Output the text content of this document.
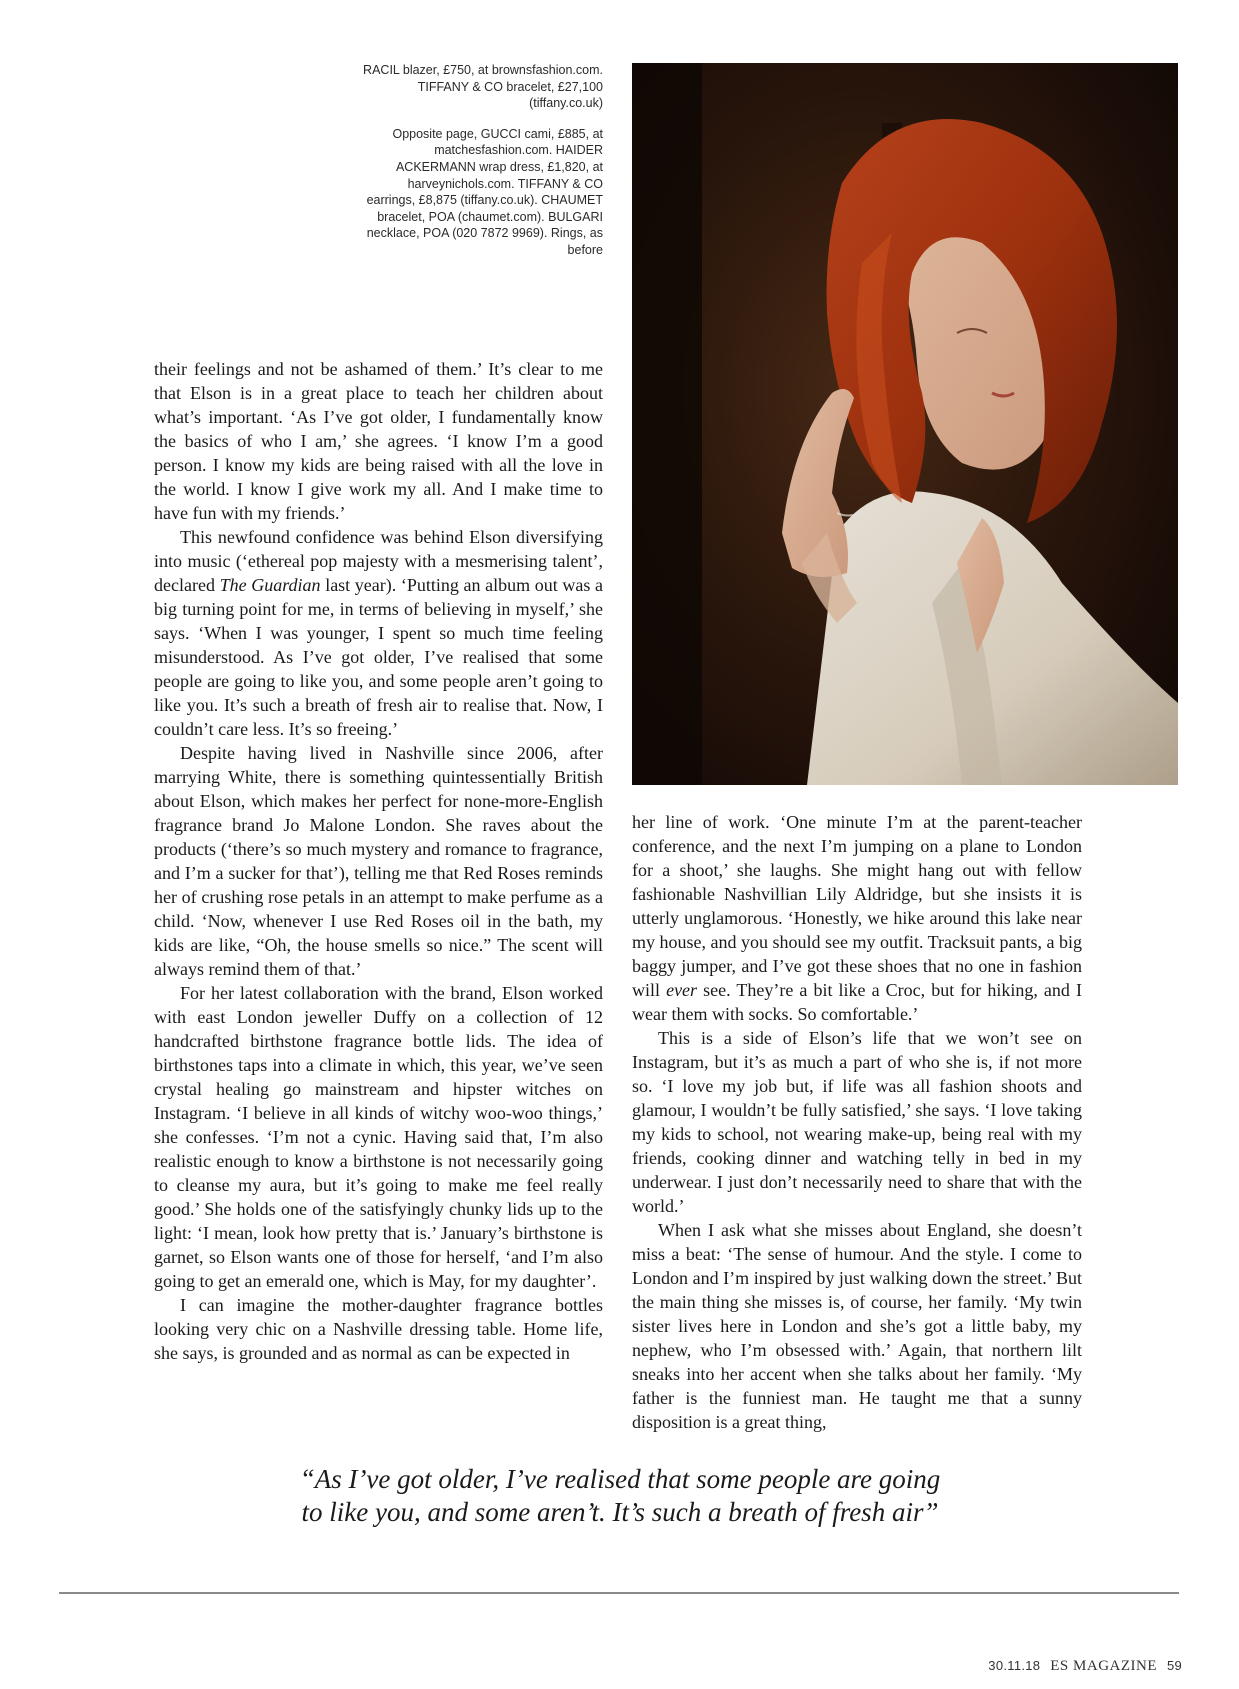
RACIL blazer, £750, at brownsfashion.com. TIFFANY & CO bracelet, £27,100 (tiffany.co.uk)

Opposite page, GUCCI cami, £885, at matchesfashion.com. HAIDER ACKERMANN wrap dress, £1,820, at harveynichols.com. TIFFANY & CO earrings, £8,875 (tiffany.co.uk). CHAUMET bracelet, POA (chaumet.com). BULGARI necklace, POA (020 7872 9969). Rings, as before

their feelings and not be ashamed of them.’ It’s clear to me that Elson is in a great place to teach her children about what’s important. ‘As I’ve got older, I fundamentally know the basics of who I am,’ she agrees. ‘I know I’m a good person. I know my kids are being raised with all the love in the world. I know I give work my all. And I make time to have fun with my friends.’

This newfound confidence was behind Elson diversifying into music (‘ethereal pop majesty with a mesmerising talent’, declared The Guardian last year). ‘Putting an album out was a big turning point for me, in terms of believing in myself,’ she says. ‘When I was younger, I spent so much time feeling misunderstood. As I’ve got older, I’ve realised that some people are going to like you, and some people aren’t going to like you. It’s such a breath of fresh air to realise that. Now, I couldn’t care less. It’s so freeing.’

Despite having lived in Nashville since 2006, after marrying White, there is something quintessentially British about Elson, which makes her perfect for none-more-English fragrance brand Jo Malone London. She raves about the products (‘there’s so much mystery and romance to fragrance, and I’m a sucker for that’), telling me that Red Roses reminds her of crushing rose petals in an attempt to make perfume as a child. ‘Now, whenever I use Red Roses oil in the bath, my kids are like, “Oh, the house smells so nice.” The scent will always remind them of that.’

For her latest collaboration with the brand, Elson worked with east London jeweller Duffy on a collection of 12 handcrafted birthstone fragrance bottle lids. The idea of birthstones taps into a climate in which, this year, we’ve seen crystal healing go mainstream and hipster witches on Instagram. ‘I believe in all kinds of witchy woo-woo things,’ she confesses. ‘I’m not a cynic. Having said that, I’m also realistic enough to know a birthstone is not necessarily going to cleanse my aura, but it’s going to make me feel really good.’ She holds one of the satisfyingly chunky lids up to the light: ‘I mean, look how pretty that is.’ January’s birthstone is garnet, so Elson wants one of those for herself, ‘and I’m also going to get an emerald one, which is May, for my daughter’.

I can imagine the mother-daughter fragrance bottles looking very chic on a Nashville dressing table. Home life, she says, is grounded and as normal as can be expected in

her line of work. ‘One minute I’m at the parent-teacher conference, and the next I’m jumping on a plane to London for a shoot,’ she laughs. She might hang out with fellow fashionable Nashvillian Lily Aldridge, but she insists it is utterly unglamorous. ‘Honestly, we hike around this lake near my house, and you should see my outfit. Tracksuit pants, a big baggy jumper, and I’ve got these shoes that no one in fashion will ever see. They’re a bit like a Croc, but for hiking, and I wear them with socks. So comfortable.’

This is a side of Elson’s life that we won’t see on Instagram, but it’s as much a part of who she is, if not more so. ‘I love my job but, if life was all fashion shoots and glamour, I wouldn’t be fully satisfied,’ she says. ‘I love taking my kids to school, not wearing make-up, being real with my friends, cooking dinner and watching telly in bed in my underwear. I just don’t necessarily need to share that with the world.’

When I ask what she misses about England, she doesn’t miss a beat: ‘The sense of humour. And the style. I come to London and I’m inspired by just walking down the street.’ But the main thing she misses is, of course, her family. ‘My twin sister lives here in London and she’s got a little baby, my nephew, who I’m obsessed with.’ Again, that northern lilt sneaks into her accent when she talks about her family. ‘My father is the funniest man. He taught me that a sunny disposition is a great thing,

“As I’ve got older, I’ve realised that some people are going
to like you, and some aren’t. It’s such a breath of fresh air”
30.11.18 ES MAGAZINE 59
